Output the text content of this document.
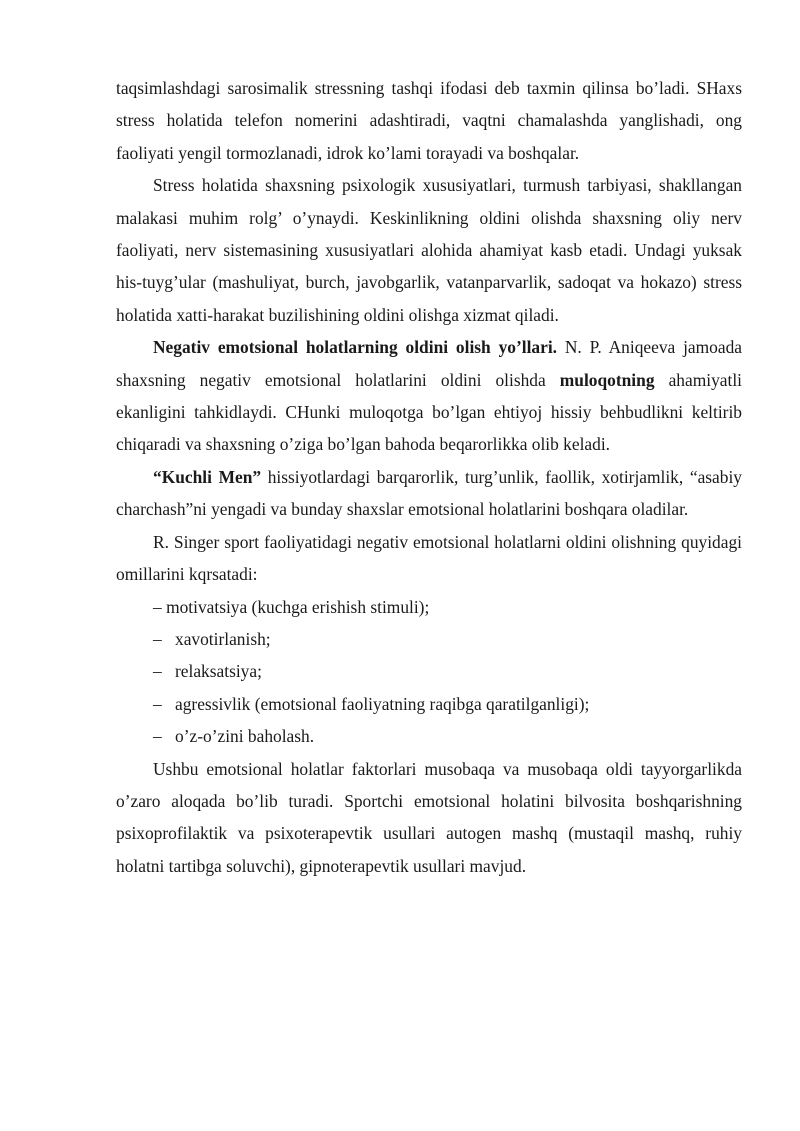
taqsimlashdagi sarosimalik stressning tashqi ifodasi deb taxmin qilinsa bo’ladi. SHaxs stress holatida telefon nomerini adashtiradi, vaqtni chamalashda yanglishadi, ong faoliyati yengil tormozlanadi, idrok ko’lami torayadi va boshqalar.

Stress holatida shaxsning psixologik xususiyatlari, turmush tarbiyasi, shakllangan malakasi muhim rolg’ o’ynaydi. Keskinlikning oldini olishda shaxsning oliy nerv faoliyati, nerv sistemasining xususiyatlari alohida ahamiyat kasb etadi. Undagi yuksak his-tuyg’ular (mashuliyat, burch, javobgarlik, vatanparvarlik, sadoqat va hokazo) stress holatida xatti-harakat buzilishining oldini olishga xizmat qiladi.

Negativ emotsional holatlarning oldini olish yo’llari. N. P. Aniqeeva jamoada shaxsning negativ emotsional holatlarini oldini olishda muloqotning ahamiyatli ekanligini tahkidlaydi. CHunki muloqotga bo’lgan ehtiyoj hissiy behbudlikni keltirib chiqaradi va shaxsning o’ziga bo’lgan bahoda beqarorlikka olib keladi.

“Kuchli Men” hissiyotlardagi barqarorlik, turg’unlik, faollik, xotirjamlik, “asabiy charchash”ni yengadi va bunday shaxslar emotsional holatlarini boshqara oladilar.

R. Singer sport faoliyatidagi negativ emotsional holatlarni oldini olishning quyidagi omillarini kqrsatadi:

– motivatsiya (kuchga erishish stimuli);

– xavotirlanish;

– relaksatsiya;

– agressivlik (emotsional faoliyatning raqibga qaratilganligi);

– o’z-o’zini baholash.

Ushbu emotsional holatlar faktorlari musobaqa va musobaqa oldi tayyorgarlikda o’zaro aloqada bo’lib turadi. Sportchi emotsional holatini bilvosita boshqarishning psixoprofilaktik va psixoterapevtik usullari autogen mashq (mustaqil mashq, ruhiy holatni tartibga soluvchi), gipnoterapevtik usullari mavjud.
